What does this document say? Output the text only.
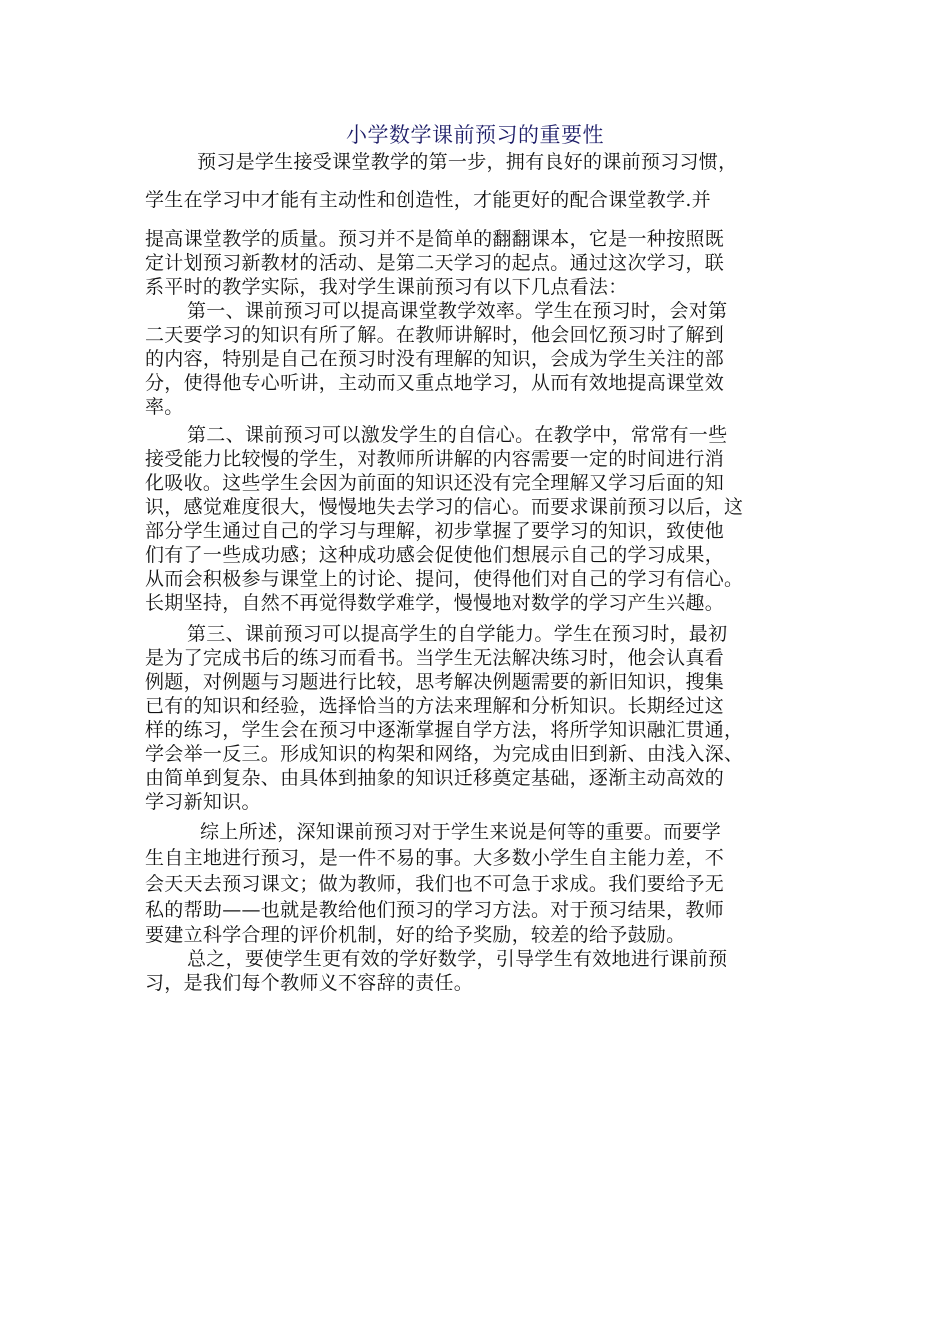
小学数学课前预习的重要性
预习是学生接受课堂教学的第一步，拥有良好的课前预习习惯，
学生在学习中才能有主动性和创造性，才能更好的配合课堂教学.并
提高课堂教学的质量。预习并不是简单的翻翻课本，它是一种按照既
定计划预习新教材的活动、是第二天学习的起点。通过这次学习，联
系平时的教学实际，我对学生课前预习有以下几点看法：
第一、课前预习可以提高课堂教学效率。学生在预习时，会对第
二天要学习的知识有所了解。在教师讲解时，他会回忆预习时了解到
的内容，特别是自己在预习时没有理解的知识，会成为学生关注的部
分，使得他专心听讲，主动而又重点地学习，从而有效地提高课堂效
率。
第二、课前预习可以激发学生的自信心。在教学中，常常有一些
接受能力比较慢的学生，对教师所讲解的内容需要一定的时间进行消
化吸收。这些学生会因为前面的知识还没有完全理解又学习后面的知
识，感觉难度很大，慢慢地失去学习的信心。而要求课前预习以后，这
部分学生通过自己的学习与理解，初步掌握了要学习的知识，致使他
们有了一些成功感；这种成功感会促使他们想展示自己的学习成果，
从而会积极参与课堂上的讨论、提问，使得他们对自己的学习有信心。
长期坚持，自然不再觉得数学难学，慢慢地对数学的学习产生兴趣。
第三、课前预习可以提高学生的自学能力。学生在预习时，最初
是为了完成书后的练习而看书。当学生无法解决练习时，他会认真看
例题，对例题与习题进行比较，思考解决例题需要的新旧知识，搜集
已有的知识和经验，选择恰当的方法来理解和分析知识。长期经过这
样的练习，学生会在预习中逐渐掌握自学方法，将所学知识融汇贯通，
学会举一反三。形成知识的构架和网络，为完成由旧到新、由浅入深、
由简单到复杂、由具体到抽象的知识迁移奠定基础，逐渐主动高效的
学习新知识。
综上所述，深知课前预习对于学生来说是何等的重要。而要学
生自主地进行预习，是一件不易的事。大多数小学生自主能力差，不
会天天去预习课文；做为教师，我们也不可急于求成。我们要给予无
私的帮助——也就是教给他们预习的学习方法。对于预习结果，教师
要建立科学合理的评价机制，好的给予奖励，较差的给予鼓励。
总之，要使学生更有效的学好数学，引导学生有效地进行课前预
习，是我们每个教师义不容辞的责任。
